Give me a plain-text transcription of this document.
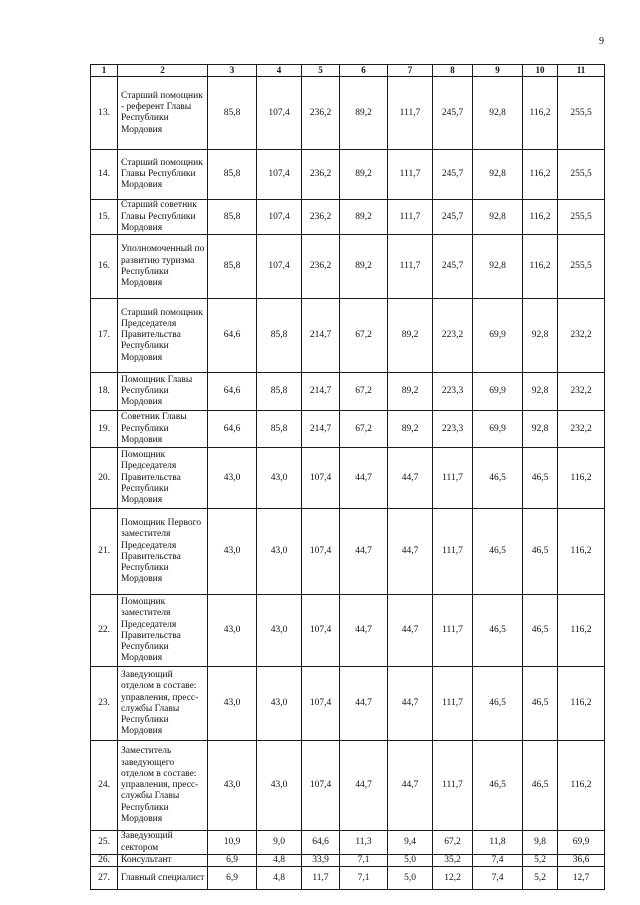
9
1	2	3	4	5	6	7	8	9	10	11
13.	Старший помощник - референт Главы Республики Мордовия	85,8	107,4	236,2	89,2	111,7	245,7	92,8	116,2	255,5
14.	Старший помощник Главы Республики Мордовия	85,8	107,4	236,2	89,2	111,7	245,7	92,8	116,2	255,5
15.	Старший советник Главы Республики Мордовия	85,8	107,4	236,2	89,2	111,7	245,7	92,8	116,2	255,5
16.	Уполномоченный по развитию туризма Республики Мордовия	85,8	107,4	236,2	89,2	111,7	245,7	92,8	116,2	255,5
17.	Старший помощник Председателя Правительства Республики Мордовия	64,6	85,8	214,7	67,2	89,2	223,2	69,9	92,8	232,2
18.	Помощник Главы Республики Мордовия	64,6	85,8	214,7	67,2	89,2	223,3	69,9	92,8	232,2
19.	Советник Главы Республики Мордовия	64,6	85,8	214,7	67,2	89,2	223,3	69,9	92,8	232,2
20.	Помощник Председателя Правительства Республики Мордовия	43,0	43,0	107,4	44,7	44,7	111,7	46,5	46,5	116,2
21.	Помощник Первого заместителя Председателя Правительства Республики Мордовия	43,0	43,0	107,4	44,7	44,7	111,7	46,5	46,5	116,2
22.	Помощник заместителя Председателя Правительства Республики Мордовия	43,0	43,0	107,4	44,7	44,7	111,7	46,5	46,5	116,2
23.	Заведующий отделом в составе: управления, пресс-службы Главы Республики Мордовия	43,0	43,0	107,4	44,7	44,7	111,7	46,5	46,5	116,2
24.	Заместитель заведующего отделом в составе: управления, пресс-службы Главы Республики Мордовия	43,0	43,0	107,4	44,7	44,7	111,7	46,5	46,5	116,2
25.	Заведующий сектором	10,9	9,0	64,6	11,3	9,4	67,2	11,8	9,8	69,9
26.	Консультант	6,9	4,8	33,9	7,1	5,0	35,2	7,4	5,2	36,6
27.	Главный специалист	6,9	4,8	11,7	7,1	5,0	12,2	7,4	5,2	12,7
